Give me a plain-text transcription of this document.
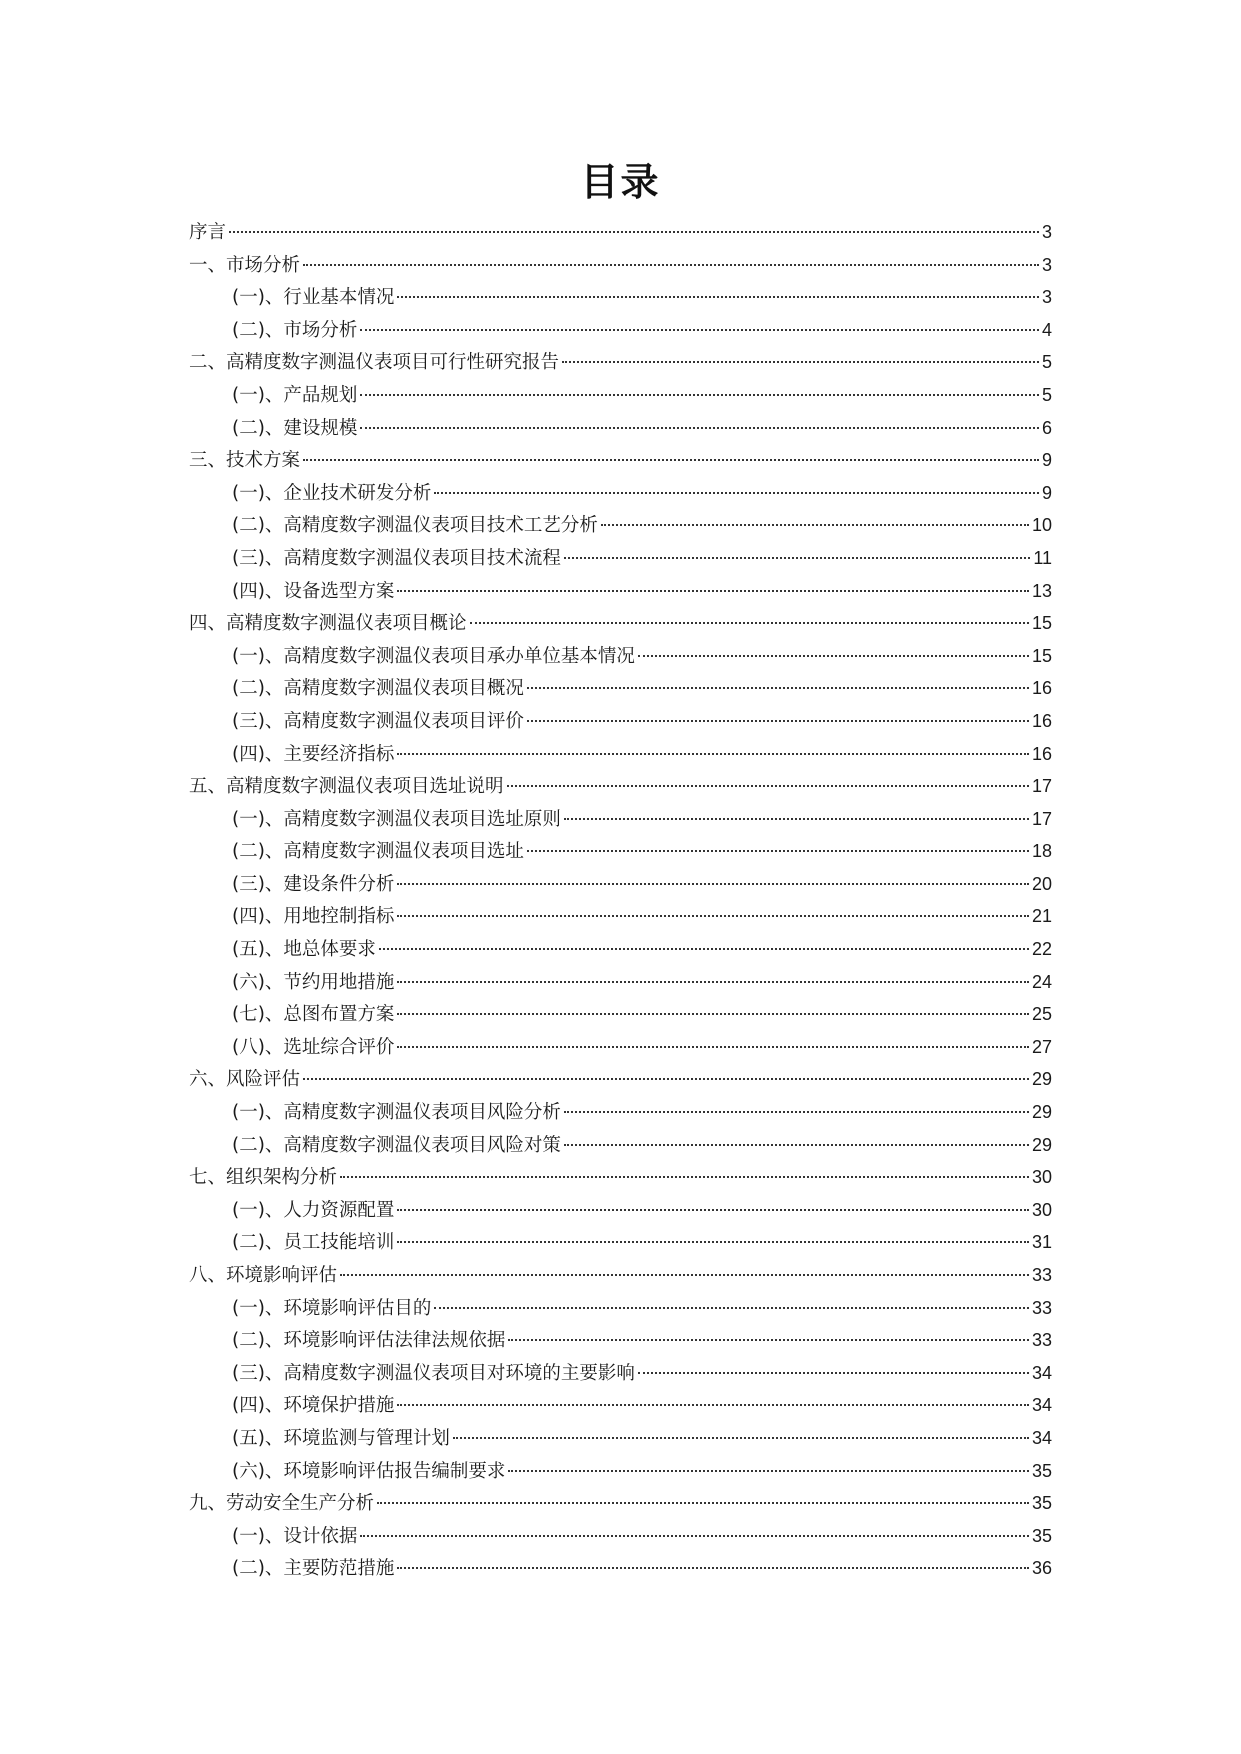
目录
序言	3
一、市场分析	3
(一)、行业基本情况	3
(二)、市场分析	4
二、高精度数字测温仪表项目可行性研究报告	5
(一)、产品规划	5
(二)、建设规模	6
三、技术方案	9
(一)、企业技术研发分析	9
(二)、高精度数字测温仪表项目技术工艺分析	10
(三)、高精度数字测温仪表项目技术流程	11
(四)、设备选型方案	13
四、高精度数字测温仪表项目概论	15
(一)、高精度数字测温仪表项目承办单位基本情况	15
(二)、高精度数字测温仪表项目概况	16
(三)、高精度数字测温仪表项目评价	16
(四)、主要经济指标	16
五、高精度数字测温仪表项目选址说明	17
(一)、高精度数字测温仪表项目选址原则	17
(二)、高精度数字测温仪表项目选址	18
(三)、建设条件分析	20
(四)、用地控制指标	21
(五)、地总体要求	22
(六)、节约用地措施	24
(七)、总图布置方案	25
(八)、选址综合评价	27
六、风险评估	29
(一)、高精度数字测温仪表项目风险分析	29
(二)、高精度数字测温仪表项目风险对策	29
七、组织架构分析	30
(一)、人力资源配置	30
(二)、员工技能培训	31
八、环境影响评估	33
(一)、环境影响评估目的	33
(二)、环境影响评估法律法规依据	33
(三)、高精度数字测温仪表项目对环境的主要影响	34
(四)、环境保护措施	34
(五)、环境监测与管理计划	34
(六)、环境影响评估报告编制要求	35
九、劳动安全生产分析	35
(一)、设计依据	35
(二)、主要防范措施	36
